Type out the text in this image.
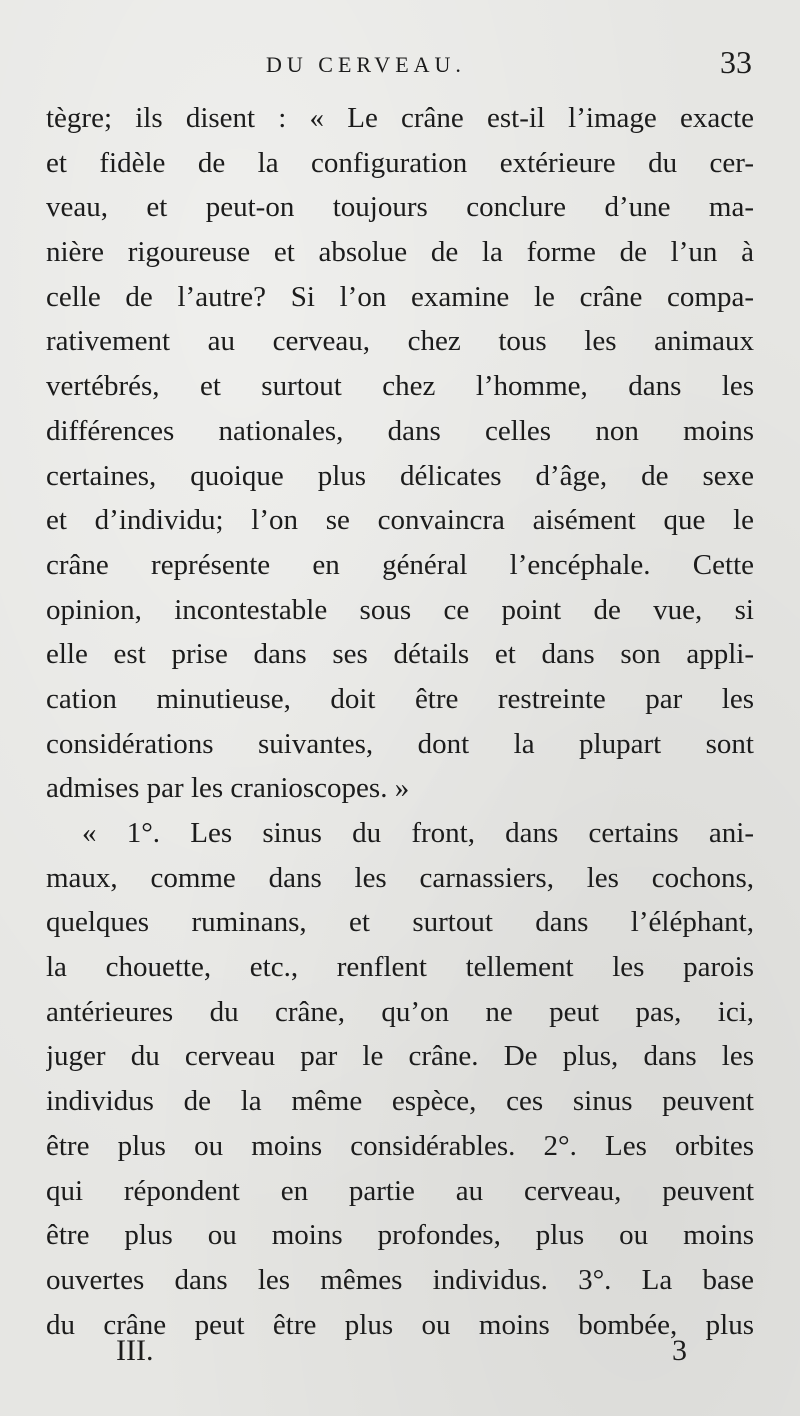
DU CERVEAU.	33
tègre; ils disent : « Le crâne est-il l’image exacte
et fidèle de la configuration extérieure du cer-
veau, et peut-on toujours conclure d’une ma-
nière rigoureuse et absolue de la forme de l’un à
celle de l’autre? Si l’on examine le crâne compa-
rativement au cerveau, chez tous les animaux
vertébrés, et surtout chez l’homme, dans les
différences nationales, dans celles non moins
certaines, quoique plus délicates d’âge, de sexe
et d’individu; l’on se convaincra aisément que le
crâne représente en général l’encéphale. Cette
opinion, incontestable sous ce point de vue, si
elle est prise dans ses détails et dans son appli-
cation minutieuse, doit être restreinte par les
considérations suivantes, dont la plupart sont
admises par les cranioscopes. »
« 1°. Les sinus du front, dans certains ani-
maux, comme dans les carnassiers, les cochons,
quelques ruminans, et surtout dans l’éléphant,
la chouette, etc., renflent tellement les parois
antérieures du crâne, qu’on ne peut pas, ici,
juger du cerveau par le crâne. De plus, dans les
individus de la même espèce, ces sinus peuvent
être plus ou moins considérables. 2°. Les orbites
qui répondent en partie au cerveau, peuvent
être plus ou moins profondes, plus ou moins
ouvertes dans les mêmes individus. 3°. La base
du crâne peut être plus ou moins bombée, plus
III.	3
